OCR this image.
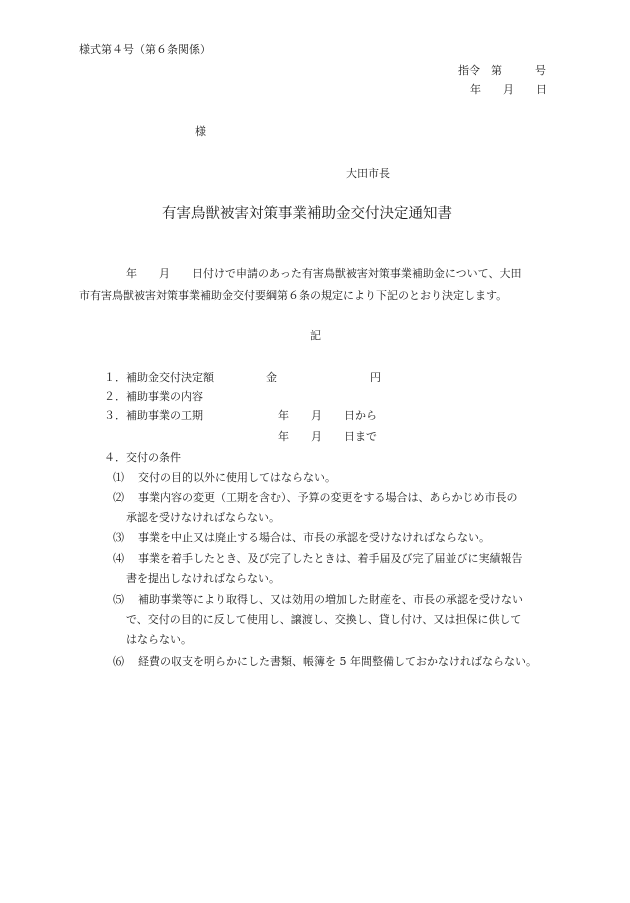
様式第４号（第６条関係）
指令　第　　　号
年　　月　　日
様
大田市長
有害鳥獣被害対策事業補助金交付決定通知書
年　　月　　日付けで申請のあった有害鳥獣被害対策事業補助金について、大田
市有害鳥獣被害対策事業補助金交付要綱第６条の規定により下記のとおり決定します。
記
１．補助金交付決定額	金	円
２．補助事業の内容
３．補助事業の工期	年　　月　　日から
年　　月　　日まで
４．交付の条件
⑴ 交付の目的以外に使用してはならない。
⑵ 事業内容の変更（工期を含む）、予算の変更をする場合は、あらかじめ市長の
承認を受けなければならない。
⑶ 事業を中止又は廃止する場合は、市長の承認を受けなければならない。
⑷ 事業を着手したとき、及び完了したときは、着手届及び完了届並びに実績報告
書を提出しなければならない。
⑸ 補助事業等により取得し、又は効用の増加した財産を、市長の承認を受けない
で、交付の目的に反して使用し、譲渡し、交換し、貸し付け、又は担保に供して
はならない。
⑹ 経費の収支を明らかにした書類、帳簿を 5 年間整備しておかなければならない。
